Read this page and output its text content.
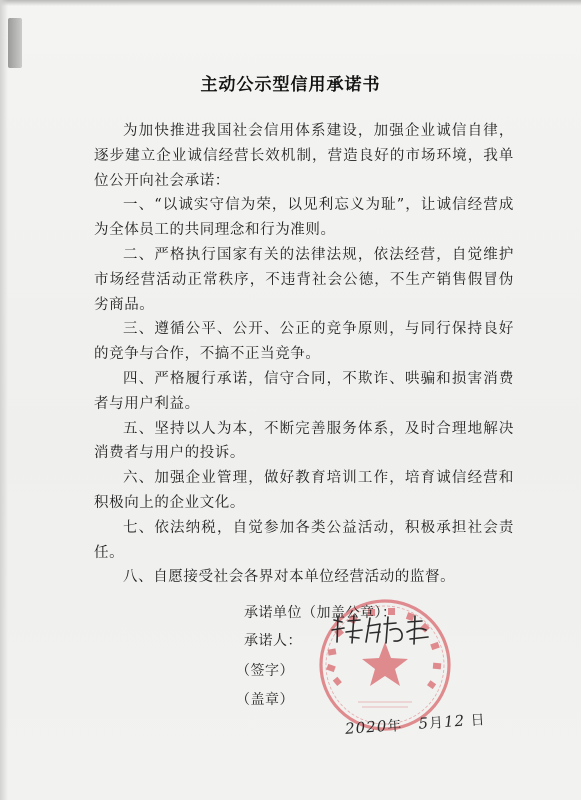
主动公示型信用承诺书

为加快推进我国社会信用体系建设，加强企业诚信自律，逐步建立企业诚信经营长效机制，营造良好的市场环境，我单位公开向社会承诺：

一、“以诚实守信为荣，以见利忘义为耻”，让诚信经营成为全体员工的共同理念和行为准则。

二、严格执行国家有关的法律法规，依法经营，自觉维护市场经营活动正常秩序，不违背社会公德，不生产销售假冒伪劣商品。

三、遵循公平、公开、公正的竞争原则，与同行保持良好的竞争与合作，不搞不正当竞争。

四、严格履行承诺，信守合同，不欺诈、哄骗和损害消费者与用户利益。

五、坚持以人为本，不断完善服务体系，及时合理地解决消费者与用户的投诉。

六、加强企业管理，做好教育培训工作，培育诚信经营和积极向上的企业文化。

七、依法纳税，自觉参加各类公益活动，积极承担社会责任。

八、自愿接受社会各界对本单位经营活动的监督。

承诺单位（加盖公章）：
承诺人：
（签字）
（盖章）
2020年 5月12 日
